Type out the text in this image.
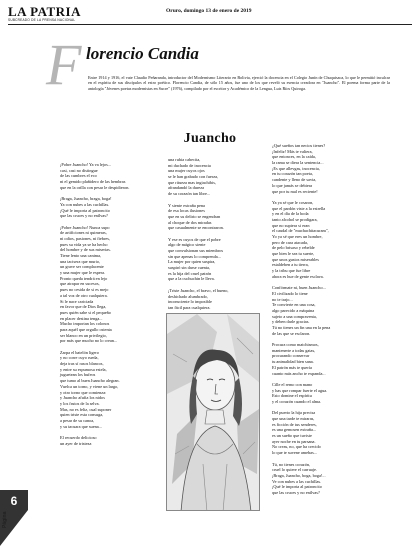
LA PATRIA
SUBCREADO DE LA PRENSA NACIONAL
Oruro, domingo 13 de enero de 2019
F lorencio Candia
Entre 1914 y 1916, el vate Claudio Peñaranda, introductor del Modernismo Literario en Bolivia, ejerció la docencia en el Colegio Junín de Chuquisaca, lo que le permitió inculcar en el espíritu de sus discípulos el estro poético. Florencio Candia, de sólo 15 años, fue uno de los que reveló su esencia creadora en "Juancho". El poema forma parte de la antología "Jóvenes poetas modernistas en Sucre" (1976), compilado por el escritor y Académico de la Lengua, Luis Ríos Quiroga.
Juancho
¡Pobre Juancho! Ya va lejos...
casi, casi no distingue
de las cumbres el eco
ni el gemido plañidero de las hembras
que en la orilla con pesar le despidieron.
¡Braga, Juancho, braga, boga!
Ya con nubes a las cuchillas.
¡Qué le importa al patroncito
que las cruces y no enílvas?
¡Pobre Juancho! Nunca supo
de artificiones ni quimeras,
ni odios, pasiones, ni fiebres,
pues su vida ya se ha hecho
del hombre y de sus miserias.
Tiene lento una canima,
una tacisera que murio,
un grave ser complacente
y una mujer que le espera.
Pronto queda tendrá en lejo
que atrapar en sucesos,
pues no cesida de si es mejo
a tal voz de otro cualquiera.
Si le nace cariciada
en favor que de Dios llega,
pues quién sabe si el pequeño
en placer destina tenga...
Mucho importan los colonos
para aquél que orgullo ostenta
ser blanco en un privilegio,
por más que mucho no lo crean...
Zarpa el batelón ligero
y no corre cuyo rueda,
deja tras sí rasos blancos,
y entre su espumosa estela,
juguetean los bufeos
que tumo al buen Juancho alegran.
Vuelca un torno, y viene un largo,
y otro torno que comienza:
y Juancho afufia los nidos
y los frutos de la selva.
Mas, no es feliz, cual suponer
quien triste esta consuga,
a pesar de su canoa,
y su tacuara que suena...
El recuerdo delicioso
un ayer de tristeza
una rubia cabecita,
mi duchado de inocencia
una mujer cuyos ojos
se le han grabado con fuerza,
que ritueza mas ingiachibis,
afrandandó la dureza
de su corazón tan libre...
Y siente extraña pena
de esa locas ilusiones
que en su delirio se engendran
al choque de dos miradas
que casualmente se encontraron.
Y ese es cuyos de que el pobre
algo de mágico siente
que convulsionan sus miembros
sin que apenas lo comprenda...
La mujer por quien suspira,
suspiró sin darse cuenta,
es la hija del cruel patrón
que a la cuchuchin le lleva.
¡Triste Juancho, el bravo, el bueno,
deshichado alumbrado,
inconsciente lo imposible
tan fácil para cualquiera.
¿Qué sueños tan necios tienes?
¡Infeliz! Más te valiera,
que entonces, en la caída,
la rama se diera la sentencia...
¡Es que allevgas, inocencia,
en tu corazón tan poeta,
candente y lleno de savia,
lo que jamás se debiera
que por tu mal es reciente!
Ya ya sé que le cosaron,
que el pardón viste a la estrella
y en el día de la boda
tanto alcohol se prodigara,
que no supiera si eran
el caudal de "muchachitacuram",
Yo ya sé que eres un hombre,
pero de cara atacada,
de pelo brisaso y rebelde
que bien le sea tu suerte,
que unos gustos miserables
estaldeben a tu tierra,
y la tribu que fue libre
ahora es hue de gente esclava.
Confórmate ni, buen Juancho...
El civilizado lo tiene
no te trajo...
Te convierte en una cosa,
algo parecido a máquina
sujeto a una compraventa,
y deben darle gracias.
Tú no tienes un fin una en la pena
de las que se esclaron.
Procura como matchismos,
mantenerte a todas gatas,
procurando conservar
tu animalidad bien sana.
El patrón más te quería
cuanto más ancho te expanda...
Cille el remo con mano
y has que rompar fuerte el agua.
Esto domine el espíritu
y el corazón cuando el alma.
Del puerto la hija precisa
que una tarde te miraras,
es ficción de tus senderes,
es una gemosen extraña...
es un sueño que tuviste
ayer noche en tu parsana.
No creas, no, que ha crecido
lo que te suvene amebas...
Tú, no tienes corazón,
cruel lo quiere el carruaje.
¡Braga, Juancho, boga, boga!...
Ve con nubes a las cuchillas.
¡Qué le importa al patroncito
que las cruces y no enílvas?
6
Página
